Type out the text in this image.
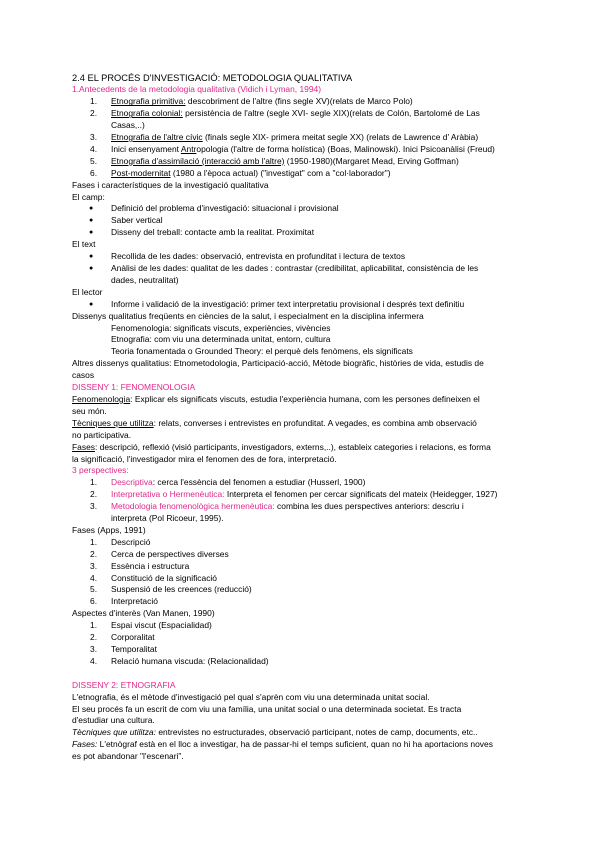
2.4 EL PROCÉS D'INVESTIGACIÓ: METODOLOGIA QUALITATIVA
1.Antecedents de la metodologia qualitativa (Vidich i Lyman, 1994)
1. Etnografia primitiva: descobriment de l'altre (fins segle XV)(relats de Marco Polo)
2. Etnografia colonial: persistència de l'altre (segle XVI- segle XIX)(relats de Colón, Bartolomé de Las
Casas,..)
3. Etnografia de l'altre cívic (finals segle XIX- primera meitat segle XX) (relats de Lawrence d' Aràbia)
4. Inici ensenyament Antropologia (l'altre de forma holística) (Boas, Malinowski). Inici Psicoanàlisi (Freud)
5. Etnografia d'assimilació (interacció amb l'altre) (1950-1980)(Margaret Mead, Erving Goffman)
6. Post-modernitat (1980 a l'època actual) ("investigat" com a "col·laborador")
Fases i característiques de la investigació qualitativa
El camp:
● Definició del problema d'investigació: situacional i provisional
● Saber vertical
● Disseny del treball: contacte amb la realitat. Proximitat
El text
● Recollida de les dades: observació, entrevista en profunditat i lectura de textos
● Anàlisi de les dades: qualitat de les dades : contrastar (credibilitat, aplicabilitat, consistència de les
dades, neutralitat)
El lector
● Informe i validació de la investigació: primer text interpretatiu provisional i després text definitiu
Dissenys qualitatius freqüents en ciències de la salut, i especialment en la disciplina infermera
Fenomenologia: significats viscuts, experiències, vivències
Etnografia: com viu una determinada unitat, entorn, cultura
Teoria fonamentada o Grounded Theory: el perquè dels fenòmens, els significats
Altres dissenys qualitatius: Etnometodologia, Participació-acció, Mètode biogràfic, històries de vida, estudis de
casos
DISSENY 1: FENOMENOLOGIA
Fenomenologia: Explicar els significats viscuts, estudia l'experiència humana, com les persones defineixen el
seu món.
Tècniques que utilitza: relats, converses i entrevistes en profunditat. A vegades, es combina amb observació
no participativa.
Fases: descripció, reflexió (visió participants, investigadors, externs,..), estableix categories i relacions, es forma
la significació, l'investigador mira el fenomen des de fora, interpretació.
3 perspectives:
1. Descriptiva: cerca l'essència del fenomen a estudiar (Husserl, 1900)
2. Interpretativa o Hermenèutica: Interpreta el fenomen per cercar significats del mateix (Heidegger, 1927)
3. Metodologia fenomenològica hermenèutica: combina les dues perspectives anteriors: descriu i
interpreta (Pol Ricoeur, 1995).
Fases (Apps, 1991)
1. Descripció
2. Cerca de perspectives diverses
3. Essència i estructura
4. Constitució de la significació
5. Suspensió de les creences (reducció)
6. Interpretació
Aspectes d'interès (Van Manen, 1990)
1. Espai viscut (Espacialidad)
2. Corporalitat
3. Temporalitat
4. Relació humana viscuda: (Relacionalidad)
DISSENY 2: ETNOGRAFIA
L'etnografia, és el mètode d'investigació pel qual s'aprèn com viu una determinada unitat social.
El seu procés fa un escrit de com viu una família, una unitat social o una determinada societat. Es tracta
d'estudiar una cultura.
Tècniques que utilitza: entrevistes no estructurades, observació participant, notes de camp, documents, etc..
Fases: L'etnògraf està en el lloc a investigar, ha de passar-hi el temps suficient, quan no hi ha aportacions noves
es pot abandonar "l'escenari".
